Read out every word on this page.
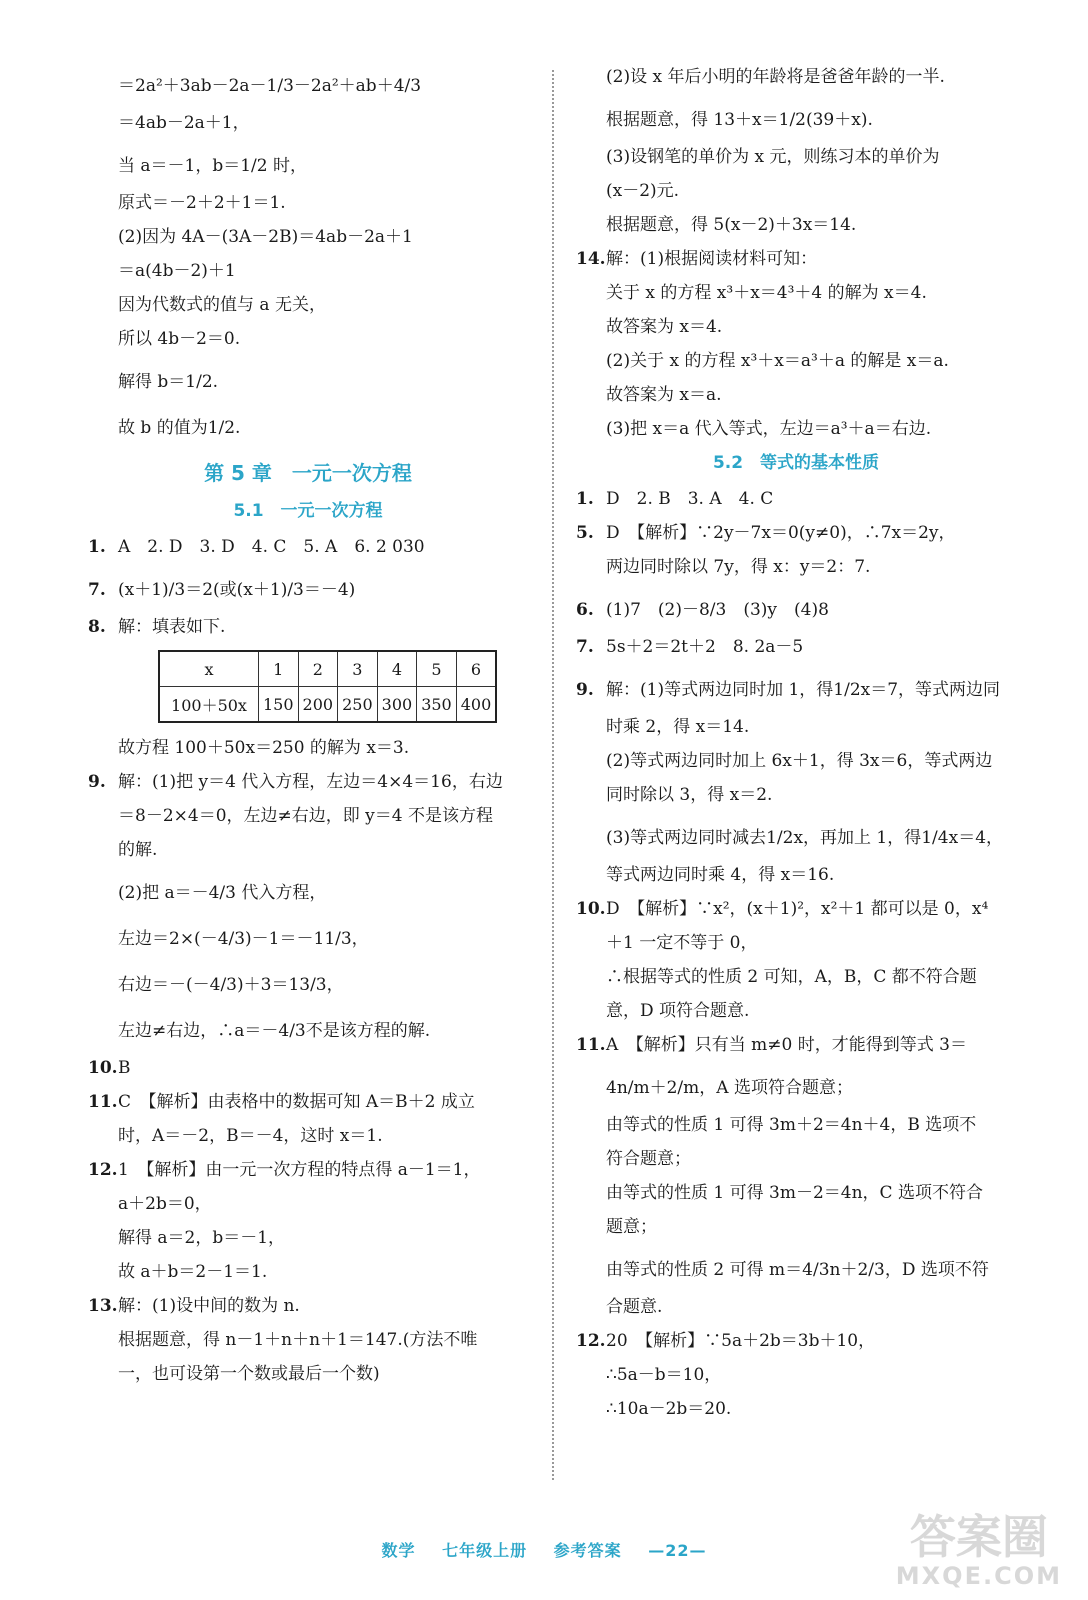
＝2a²＋3ab－2a－1/3－2a²＋ab＋4/3
＝4ab－2a＋1，
当 a＝－1，b＝1/2 时，
原式＝－2＋2＋1＝1.
(2)因为 4A－(3A－2B)＝4ab－2a＋1
＝a(4b－2)＋1
因为代数式的值与 a 无关，
所以 4b－2＝0.
解得 b＝1/2.
故 b 的值为1/2.
第 5 章　一元一次方程
5.1　一元一次方程
1. A　2. D　3. D　4. C　5. A　6. 2 030
7. (x＋1)/3＝2(或(x＋1)/3＝－4)
8. 解：填表如下.
x	1	2	3	4	5	6
100＋50x	150	200	250	300	350	400
故方程 100＋50x＝250 的解为 x＝3.
9. 解：(1)把 y＝4 代入方程，左边＝4×4＝16，右边
＝8－2×4＝0，左边≠右边，即 y＝4 不是该方程
的解.
(2)把 a＝－4/3 代入方程，
左边＝2×(－4/3)－1＝－11/3，
右边＝－(－4/3)＋3＝13/3，
左边≠右边，∴a＝－4/3不是该方程的解.
10.B
11.C　【解析】由表格中的数据可知 A＝B＋2 成立
时，A＝－2，B＝－4，这时 x＝1.
12.1　【解析】由一元一次方程的特点得 a－1＝1，
a＋2b＝0，
解得 a＝2，b＝－1，
故 a＋b＝2－1＝1.
13.解：(1)设中间的数为 n.
根据题意，得 n－1＋n＋n＋1＝147.(方法不唯
一，也可设第一个数或最后一个数)
(2)设 x 年后小明的年龄将是爸爸年龄的一半.
根据题意，得 13＋x＝1/2(39＋x).
(3)设钢笔的单价为 x 元，则练习本的单价为
(x－2)元.
根据题意，得 5(x－2)＋3x＝14.
14.解：(1)根据阅读材料可知：
关于 x 的方程 x³＋x＝4³＋4 的解为 x＝4.
故答案为 x＝4.
(2)关于 x 的方程 x³＋x＝a³＋a 的解是 x＝a.
故答案为 x＝a.
(3)把 x＝a 代入等式，左边＝a³＋a＝右边.
5.2　等式的基本性质
1. D　2. B　3. A　4. C
5. D　【解析】∵2y－7x＝0(y≠0)，∴7x＝2y，
两边同时除以 7y，得 x：y＝2：7.
6. (1)7　(2)－8/3　(3)y　(4)8
7. 5s＋2＝2t＋2　8. 2a－5
9. 解：(1)等式两边同时加 1，得1/2x＝7，等式两边同
时乘 2，得 x＝14.
(2)等式两边同时加上 6x＋1，得 3x＝6，等式两边
同时除以 3，得 x＝2.
(3)等式两边同时减去1/2x，再加上 1，得1/4x＝4，
等式两边同时乘 4，得 x＝16.
10.D　【解析】∵x²，(x＋1)²，x²＋1 都可以是 0，x⁴
＋1 一定不等于 0，
∴根据等式的性质 2 可知，A，B，C 都不符合题
意，D 项符合题意.
11.A　【解析】只有当 m≠0 时，才能得到等式 3＝
4n/m＋2/m，A 选项符合题意；
由等式的性质 1 可得 3m＋2＝4n＋4，B 选项不
符合题意；
由等式的性质 1 可得 3m－2＝4n，C 选项不符合
题意；
由等式的性质 2 可得 m＝4/3n＋2/3，D 选项不符
合题意.
12.20　【解析】∵5a＋2b＝3b＋10，
∴5a－b＝10，
∴10a－2b＝20.
数学 七年级上册 参考答案 —22—	答案圈
MXQE.COM
